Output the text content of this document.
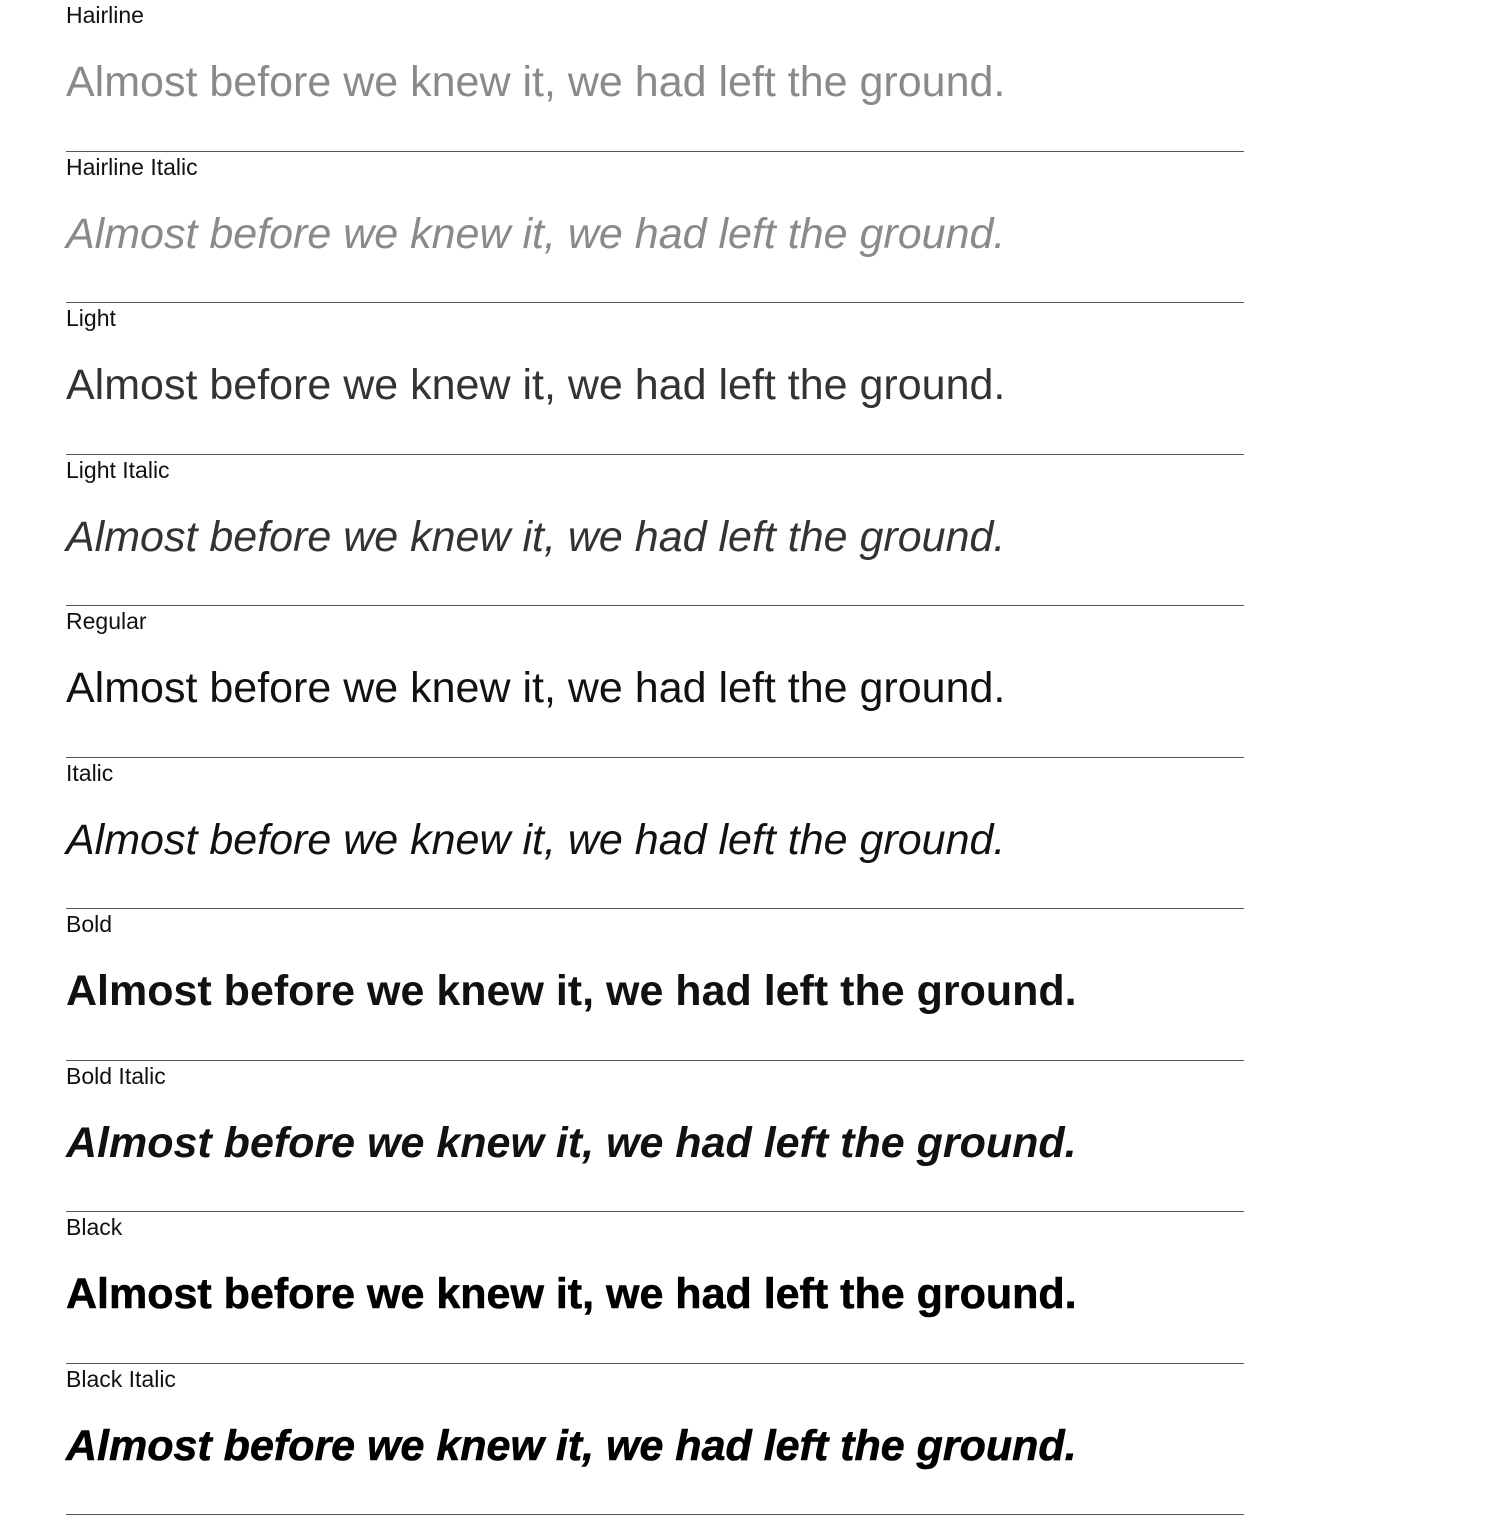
Hairline
Almost before we knew it, we had left the ground.
Hairline Italic
Almost before we knew it, we had left the ground.
Light
Almost before we knew it, we had left the ground.
Light Italic
Almost before we knew it, we had left the ground.
Regular
Almost before we knew it, we had left the ground.
Italic
Almost before we knew it, we had left the ground.
Bold
Almost before we knew it, we had left the ground.
Bold Italic
Almost before we knew it, we had left the ground.
Black
Almost before we knew it, we had left the ground.
Black Italic
Almost before we knew it, we had left the ground.
